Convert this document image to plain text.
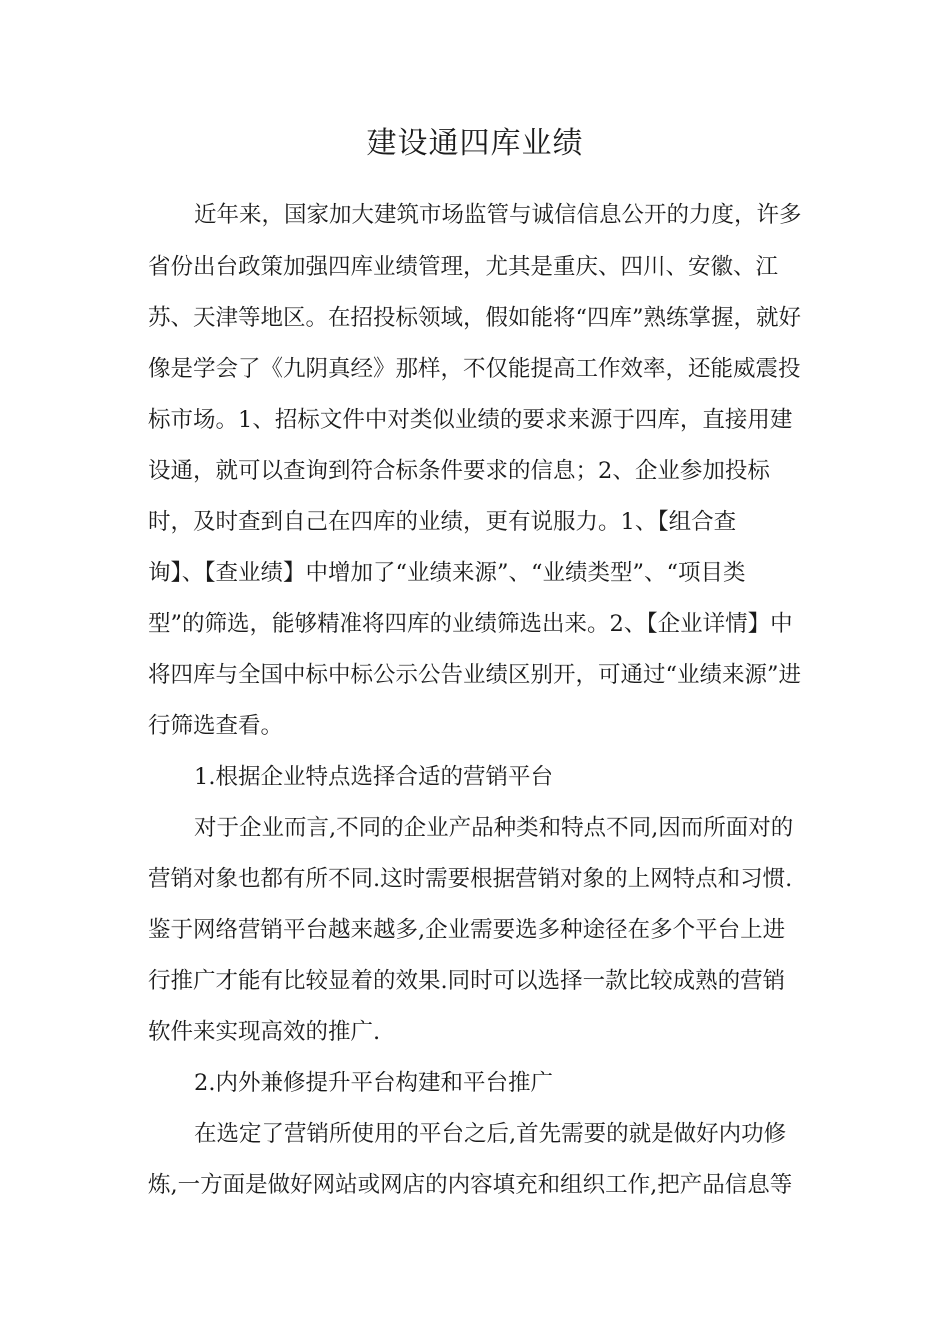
建设通四库业绩

近年来，国家加大建筑市场监管与诚信信息公开的力度，许多

省份出台政策加强四库业绩管理，尤其是重庆、四川、安徽、江

苏、天津等地区。在招投标领域，假如能将“四库”熟练掌握，就好

像是学会了《九阴真经》那样，不仅能提高工作效率，还能威震投

标市场。1、招标文件中对类似业绩的要求来源于四库，直接用建

设通，就可以查询到符合标条件要求的信息；2、企业参加投标

时，及时查到自己在四库的业绩，更有说服力。1、【组合查

询】、【查业绩】中增加了“业绩来源”、“业绩类型”、“项目类

型”的筛选，能够精准将四库的业绩筛选出来。2、【企业详情】中

将四库与全国中标中标公示公告业绩区别开，可通过“业绩来源”进

行筛选查看。

1.根据企业特点选择合适的营销平台

对于企业而言,不同的企业产品种类和特点不同,因而所面对的

营销对象也都有所不同.这时需要根据营销对象的上网特点和习惯.

鉴于网络营销平台越来越多,企业需要选多种途径在多个平台上进

行推广才能有比较显着的效果.同时可以选择一款比较成熟的营销

软件来实现高效的推广.

2.内外兼修提升平台构建和平台推广

在选定了营销所使用的平台之后,首先需要的就是做好内功修

炼,一方面是做好网站或网店的内容填充和组织工作,把产品信息等
